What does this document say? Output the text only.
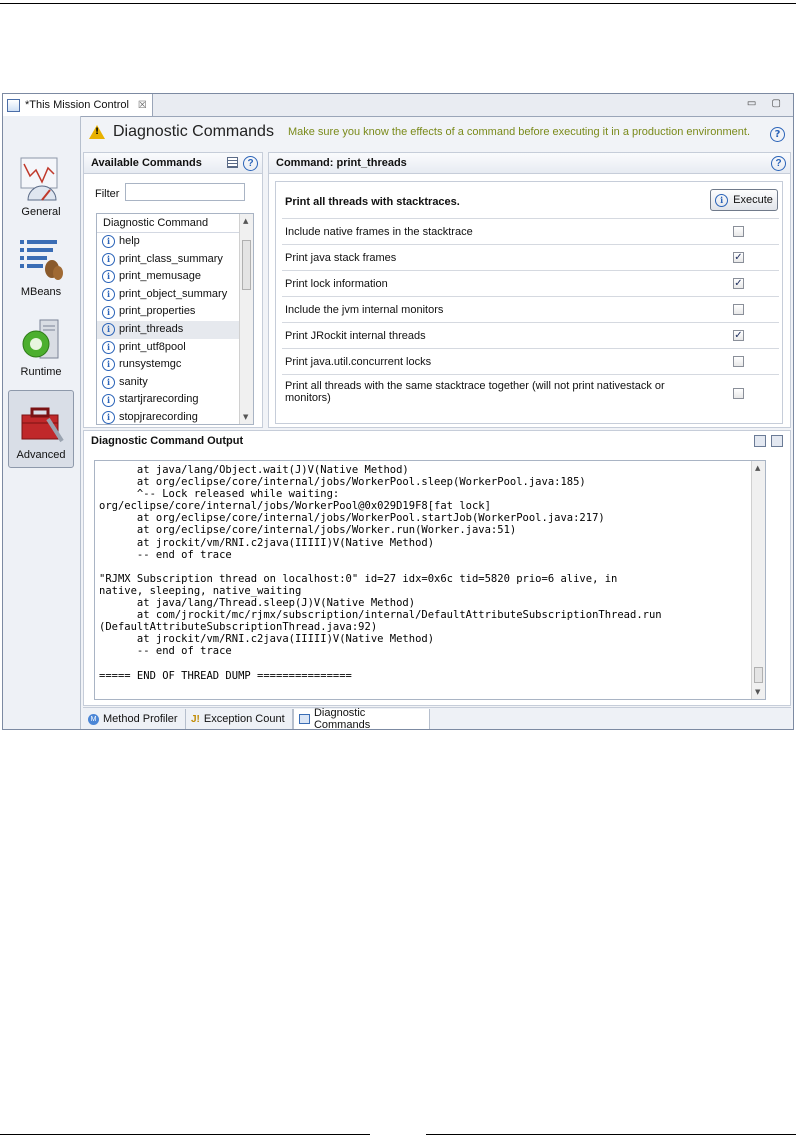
*This Mission Control ☒	▭ ▢
General
MBeans
Runtime
Advanced
! Diagnostic Commands Make sure you know the effects of a command before executing it in a production environment.	?
Available Commands	?
Filter
Diagnostic Command
i help
i print_class_summary
i print_memusage
i print_object_summary
i print_properties
i print_threads
i print_utf8pool
i runsystemgc
i sanity
i startjrarecording
i stopjrarecording
▲
▼
Command: print_threads	?
Print all threads with stacktraces.	i Execute
Include native frames in the stacktrace
Print java stack frames	✓
Print lock information	✓
Include the jvm internal monitors
Print JRockit internal threads	✓
Print java.util.concurrent locks
Print all threads with the same stacktrace together (will not print nativestack or monitors)
Diagnostic Command Output
at java/lang/Object.wait(J)V(Native Method)
at org/eclipse/core/internal/jobs/WorkerPool.sleep(WorkerPool.java:185)
^-- Lock released while waiting:
org/eclipse/core/internal/jobs/WorkerPool@0x029D19F8[fat lock]
at org/eclipse/core/internal/jobs/WorkerPool.startJob(WorkerPool.java:217)
at org/eclipse/core/internal/jobs/Worker.run(Worker.java:51)
at jrockit/vm/RNI.c2java(IIIII)V(Native Method)
-- end of trace
"RJMX Subscription thread on localhost:0" id=27 idx=0x6c tid=5820 prio=6 alive, in
native, sleeping, native_waiting
at java/lang/Thread.sleep(J)V(Native Method)
at com/jrockit/mc/rjmx/subscription/internal/DefaultAttributeSubscriptionThread.run
(DefaultAttributeSubscriptionThread.java:92)
at jrockit/vm/RNI.c2java(IIIII)V(Native Method)
-- end of trace
===== END OF THREAD DUMP ===============
▲
▼
M Method Profiler J! Exception Count	Diagnostic Commands
